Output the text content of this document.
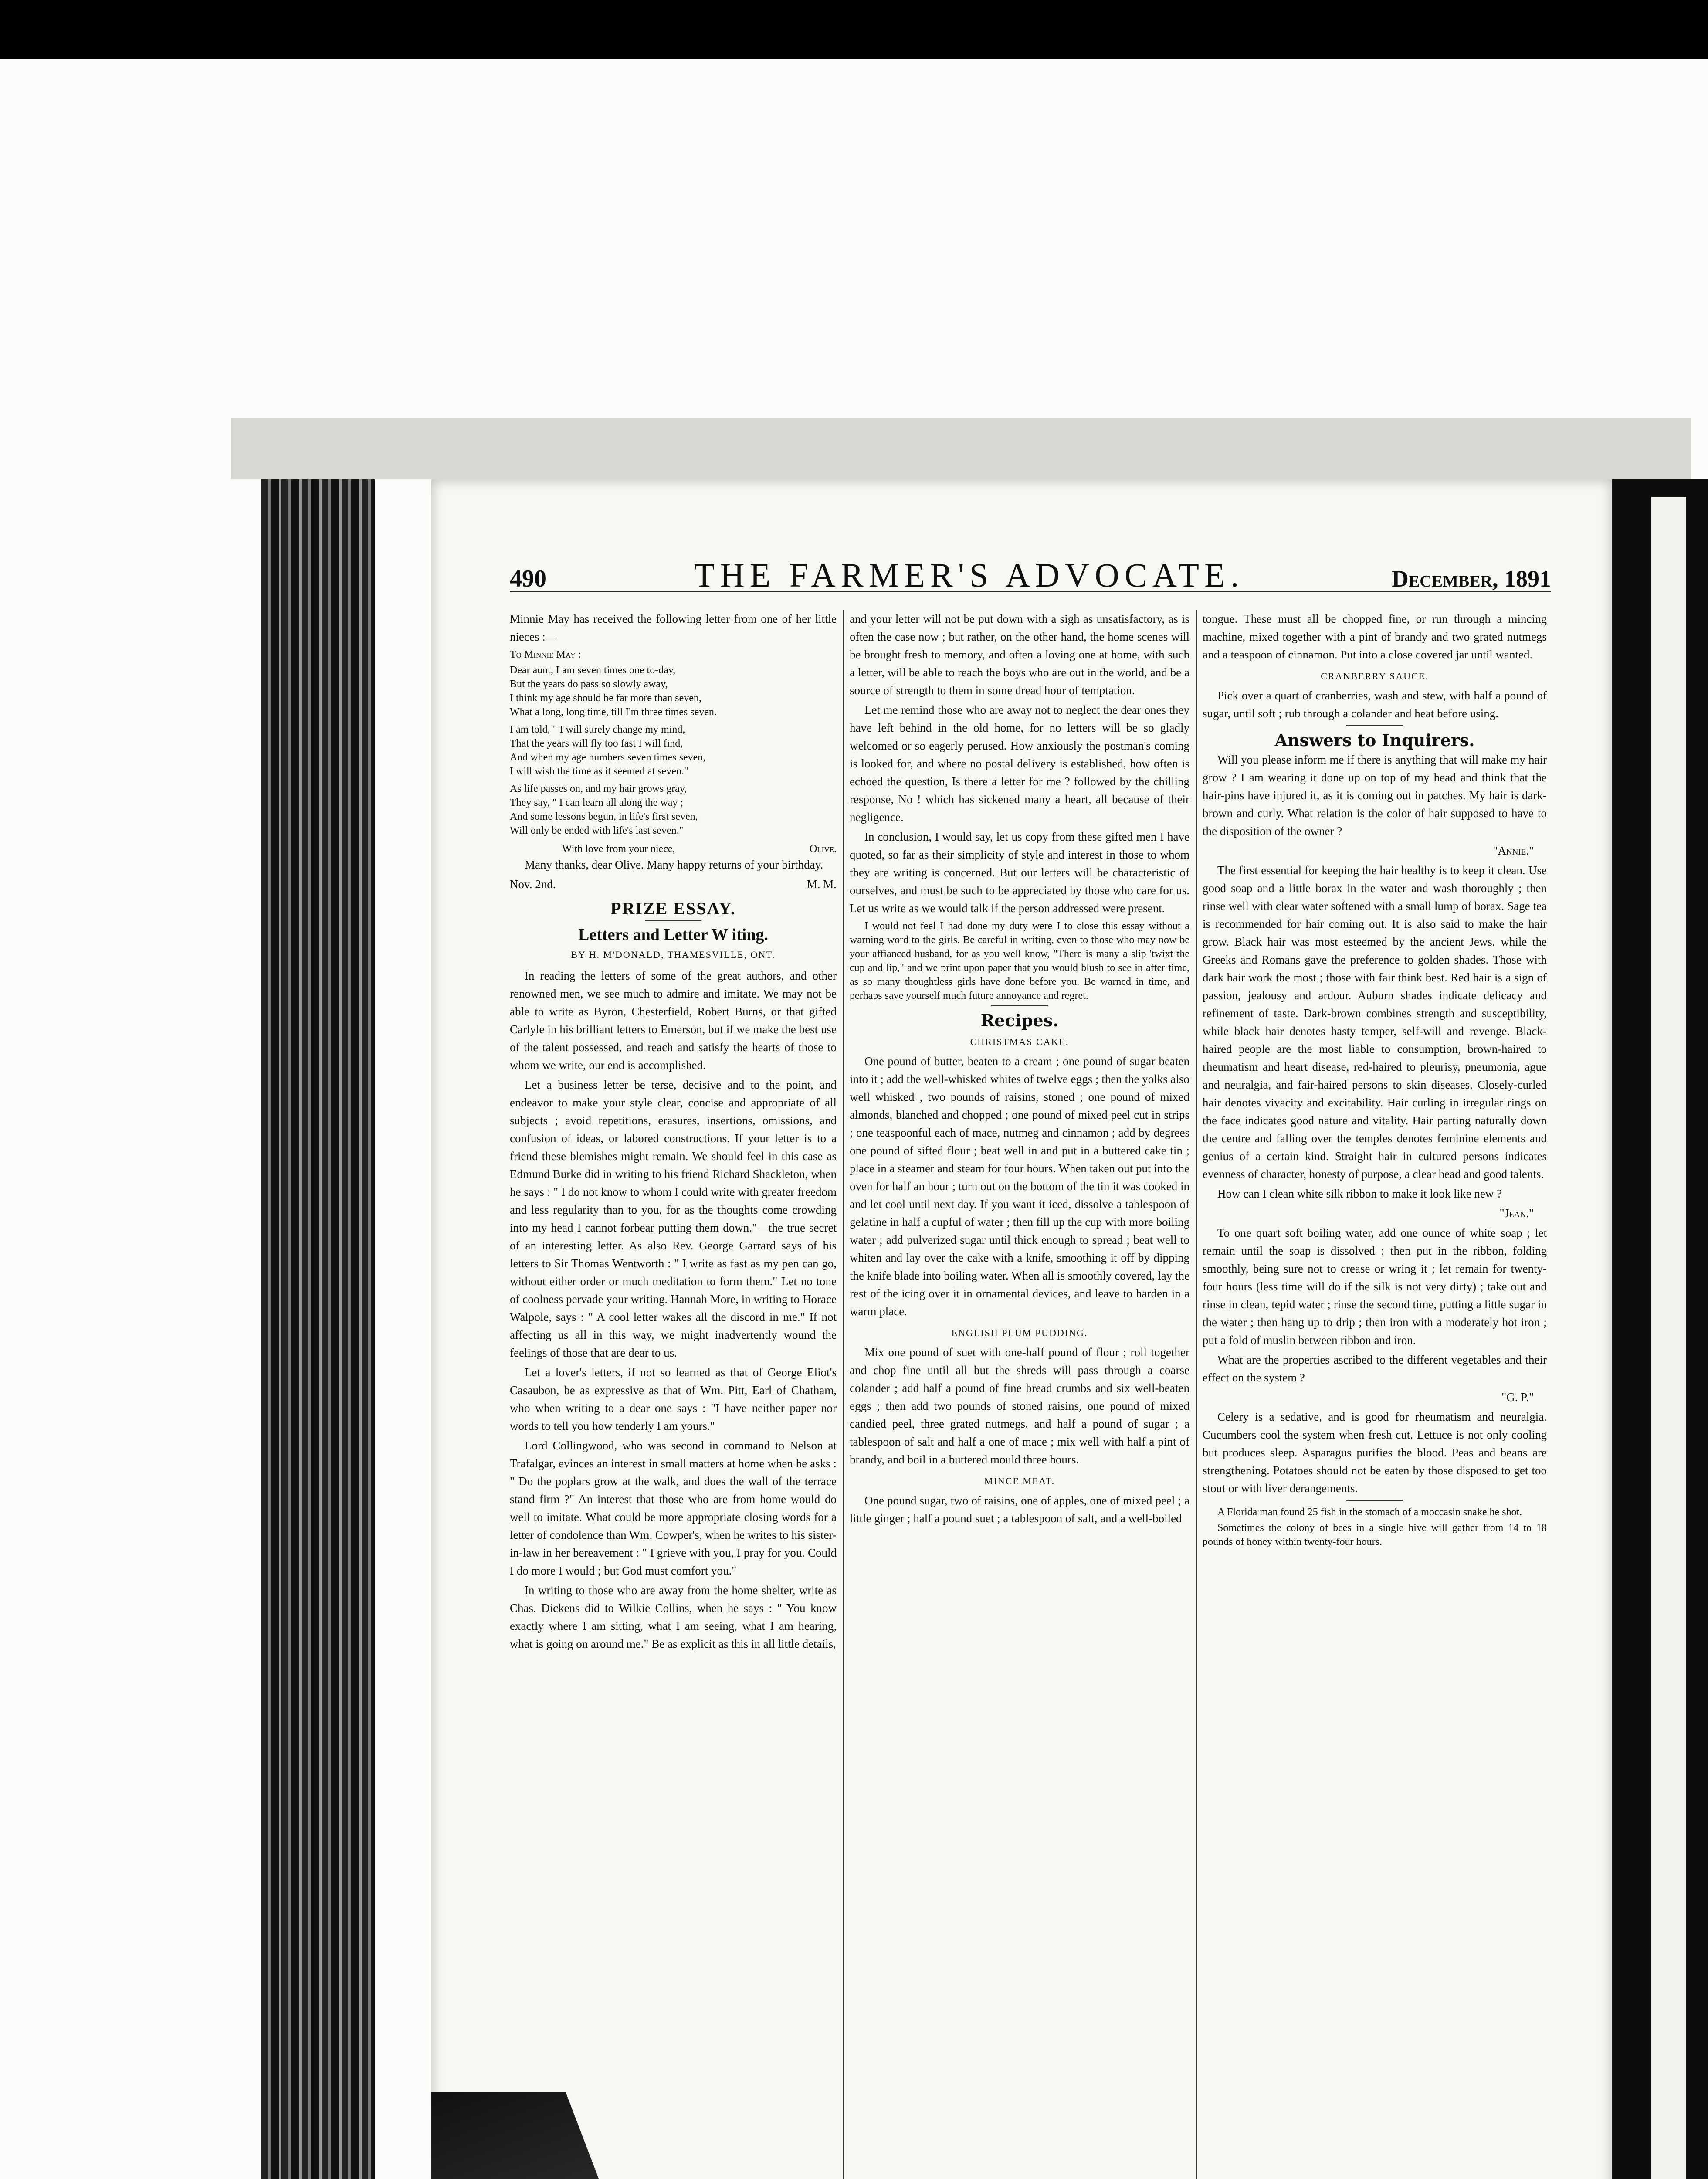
490	THE FARMER'S ADVOCATE.	December, 1891

Minnie May has received the following letter from one of her little nieces :—

To Minnie May :

Dear aunt, I am seven times one to-day,
But the years do pass so slowly away,
I think my age should be far more than seven,
What a long, long time, till I'm three times seven.
I am told, " I will surely change my mind,
That the years will fly too fast I will find,
And when my age numbers seven times seven,
I will wish the time as it seemed at seven."
As life passes on, and my hair grows gray,
They say, " I can learn all along the way ;
And some lessons begun, in life's first seven,
Will only be ended with life's last seven."
With love from your niece,	Olive.

Many thanks, dear Olive. Many happy returns of your birthday.

Nov. 2nd.	M. M.
PRIZE ESSAY.
Letters and Letter W iting.
BY H. M'DONALD, THAMESVILLE, ONT.

In reading the letters of some of the great authors, and other renowned men, we see much to admire and imitate. We may not be able to write as Byron, Chesterfield, Robert Burns, or that gifted Carlyle in his brilliant letters to Emerson, but if we make the best use of the talent possessed, and reach and satisfy the hearts of those to whom we write, our end is accomplished.

Let a business letter be terse, decisive and to the point, and endeavor to make your style clear, concise and appropriate of all subjects ; avoid repetitions, erasures, insertions, omissions, and confusion of ideas, or labored constructions. If your letter is to a friend these blemishes might remain. We should feel in this case as Edmund Burke did in writing to his friend Richard Shackleton, when he says : " I do not know to whom I could write with greater freedom and less regularity than to you, for as the thoughts come crowding into my head I cannot forbear putting them down."—the true secret of an interesting letter. As also Rev. George Garrard says of his letters to Sir Thomas Wentworth : " I write as fast as my pen can go, without either order or much meditation to form them." Let no tone of coolness pervade your writing. Hannah More, in writing to Horace Walpole, says : " A cool letter wakes all the discord in me." If not affecting us all in this way, we might inadvertently wound the feelings of those that are dear to us.

Let a lover's letters, if not so learned as that of George Eliot's Casaubon, be as expressive as that of Wm. Pitt, Earl of Chatham, who when writing to a dear one says : "I have neither paper nor words to tell you how tenderly I am yours."

Lord Collingwood, who was second in command to Nelson at Trafalgar, evinces an interest in small matters at home when he asks : " Do the poplars grow at the walk, and does the wall of the terrace stand firm ?" An interest that those who are from home would do well to imitate. What could be more appropriate closing words for a letter of condolence than Wm. Cowper's, when he writes to his sister-in-law in her bereavement : " I grieve with you, I pray for you. Could I do more I would ; but God must comfort you."

In writing to those who are away from the home shelter, write as Chas. Dickens did to Wilkie Collins, when he says : " You know exactly where I am sitting, what I am seeing, what I am hearing, what is going on around me." Be as explicit as this in all little details,

and your letter will not be put down with a sigh as unsatisfactory, as is often the case now ; but rather, on the other hand, the home scenes will be brought fresh to memory, and often a loving one at home, with such a letter, will be able to reach the boys who are out in the world, and be a source of strength to them in some dread hour of temptation.

Let me remind those who are away not to neglect the dear ones they have left behind in the old home, for no letters will be so gladly welcomed or so eagerly perused. How anxiously the postman's coming is looked for, and where no postal delivery is established, how often is echoed the question, Is there a letter for me ? followed by the chilling response, No ! which has sickened many a heart, all because of their negligence.

In conclusion, I would say, let us copy from these gifted men I have quoted, so far as their simplicity of style and interest in those to whom they are writing is concerned. But our letters will be characteristic of ourselves, and must be such to be appreciated by those who care for us. Let us write as we would talk if the person addressed were present.

I would not feel I had done my duty were I to close this essay without a warning word to the girls. Be careful in writing, even to those who may now be your affianced husband, for as you well know, "There is many a slip 'twixt the cup and lip," and we print upon paper that you would blush to see in after time, as so many thoughtless girls have done before you. Be warned in time, and perhaps save yourself much future annoyance and regret.

Recipes.
CHRISTMAS CAKE.

One pound of butter, beaten to a cream ; one pound of sugar beaten into it ; add the well-whisked whites of twelve eggs ; then the yolks also well whisked , two pounds of raisins, stoned ; one pound of mixed almonds, blanched and chopped ; one pound of mixed peel cut in strips ; one teaspoonful each of mace, nutmeg and cinnamon ; add by degrees one pound of sifted flour ; beat well in and put in a buttered cake tin ; place in a steamer and steam for four hours. When taken out put into the oven for half an hour ; turn out on the bottom of the tin it was cooked in and let cool until next day. If you want it iced, dissolve a tablespoon of gelatine in half a cupful of water ; then fill up the cup with more boiling water ; add pulverized sugar until thick enough to spread ; beat well to whiten and lay over the cake with a knife, smoothing it off by dipping the knife blade into boiling water. When all is smoothly covered, lay the rest of the icing over it in ornamental devices, and leave to harden in a warm place.

ENGLISH PLUM PUDDING.

Mix one pound of suet with one-half pound of flour ; roll together and chop fine until all but the shreds will pass through a coarse colander ; add half a pound of fine bread crumbs and six well-beaten eggs ; then add two pounds of stoned raisins, one pound of mixed candied peel, three grated nutmegs, and half a pound of sugar ; a tablespoon of salt and half a one of mace ; mix well with half a pint of brandy, and boil in a buttered mould three hours.

MINCE MEAT.

One pound sugar, two of raisins, one of apples, one of mixed peel ; a little ginger ; half a pound suet ; a tablespoon of salt, and a well-boiled

tongue. These must all be chopped fine, or run through a mincing machine, mixed together with a pint of brandy and two grated nutmegs and a teaspoon of cinnamon. Put into a close covered jar until wanted.

CRANBERRY SAUCE.

Pick over a quart of cranberries, wash and stew, with half a pound of sugar, until soft ; rub through a colander and heat before using.

Answers to Inquirers.

Will you please inform me if there is anything that will make my hair grow ? I am wearing it done up on top of my head and think that the hair-pins have injured it, as it is coming out in patches. My hair is dark-brown and curly. What relation is the color of hair supposed to have to the disposition of the owner ?

"Annie."

The first essential for keeping the hair healthy is to keep it clean. Use good soap and a little borax in the water and wash thoroughly ; then rinse well with clear water softened with a small lump of borax. Sage tea is recommended for hair coming out. It is also said to make the hair grow. Black hair was most esteemed by the ancient Jews, while the Greeks and Romans gave the preference to golden shades. Those with dark hair work the most ; those with fair think best. Red hair is a sign of passion, jealousy and ardour. Auburn shades indicate delicacy and refinement of taste. Dark-brown combines strength and susceptibility, while black hair denotes hasty temper, self-will and revenge. Black-haired people are the most liable to consumption, brown-haired to rheumatism and heart disease, red-haired to pleurisy, pneumonia, ague and neuralgia, and fair-haired persons to skin diseases. Closely-curled hair denotes vivacity and excitability. Hair curling in irregular rings on the face indicates good nature and vitality. Hair parting naturally down the centre and falling over the temples denotes feminine elements and genius of a certain kind. Straight hair in cultured persons indicates evenness of character, honesty of purpose, a clear head and good talents.

How can I clean white silk ribbon to make it look like new ?

"Jean."

To one quart soft boiling water, add one ounce of white soap ; let remain until the soap is dissolved ; then put in the ribbon, folding smoothly, being sure not to crease or wring it ; let remain for twenty-four hours (less time will do if the silk is not very dirty) ; take out and rinse in clean, tepid water ; rinse the second time, putting a little sugar in the water ; then hang up to drip ; then iron with a moderately hot iron ; put a fold of muslin between ribbon and iron.

What are the properties ascribed to the different vegetables and their effect on the system ?

"G. P."

Celery is a sedative, and is good for rheumatism and neuralgia. Cucumbers cool the system when fresh cut. Lettuce is not only cooling but produces sleep. Asparagus purifies the blood. Peas and beans are strengthening. Potatoes should not be eaten by those disposed to get too stout or with liver derangements.

A Florida man found 25 fish in the stomach of a moccasin snake he shot.

Sometimes the colony of bees in a single hive will gather from 14 to 18 pounds of honey within twenty-four hours.
